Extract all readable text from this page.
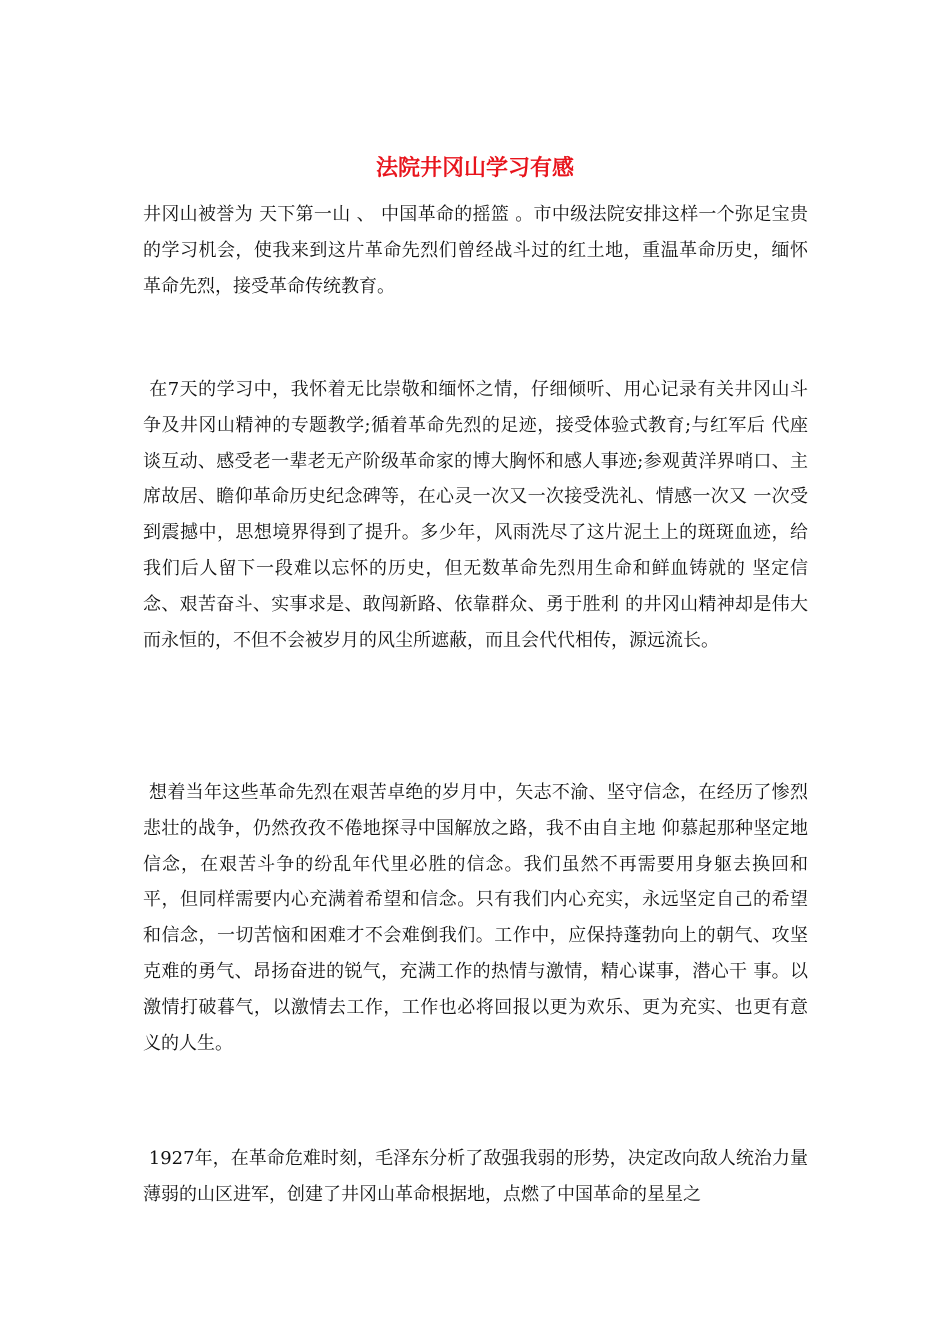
法院井冈山学习有感

井冈山被誉为 天下第一山 、 中国革命的摇篮 。市中级法院安排这样一个弥足宝贵的学习机会，使我来到这片革命先烈们曾经战斗过的红土地，重温革命历史，缅怀革命先烈，接受革命传统教育。

在7天的学习中，我怀着无比崇敬和缅怀之情，仔细倾听、用心记录有关井冈山斗争及井冈山精神的专题教学;循着革命先烈的足迹，接受体验式教育;与红军后 代座谈互动、感受老一辈老无产阶级革命家的博大胸怀和感人事迹;参观黄洋界哨口、主席故居、瞻仰革命历史纪念碑等，在心灵一次又一次接受洗礼、情感一次又 一次受到震撼中，思想境界得到了提升。多少年，风雨洗尽了这片泥土上的斑斑血迹，给我们后人留下一段难以忘怀的历史，但无数革命先烈用生命和鲜血铸就的 坚定信念、艰苦奋斗、实事求是、敢闯新路、依靠群众、勇于胜利 的井冈山精神却是伟大而永恒的，不但不会被岁月的风尘所遮蔽，而且会代代相传，源远流长。

想着当年这些革命先烈在艰苦卓绝的岁月中，矢志不渝、坚守信念，在经历了惨烈悲壮的战争，仍然孜孜不倦地探寻中国解放之路，我不由自主地 仰慕起那种坚定地信念，在艰苦斗争的纷乱年代里必胜的信念。我们虽然不再需要用身躯去换回和平，但同样需要内心充满着希望和信念。只有我们内心充实，永远坚定自己的希望和信念，一切苦恼和困难才不会难倒我们。工作中，应保持蓬勃向上的朝气、攻坚克难的勇气、昂扬奋进的锐气，充满工作的热情与激情，精心谋事，潜心干 事。以激情打破暮气，以激情去工作，工作也必将回报以更为欢乐、更为充实、也更有意义的人生。

1927年，在革命危难时刻，毛泽东分析了敌强我弱的形势，决定改向敌人统治力量薄弱的山区进军，创建了井冈山革命根据地，点燃了中国革命的星星之
